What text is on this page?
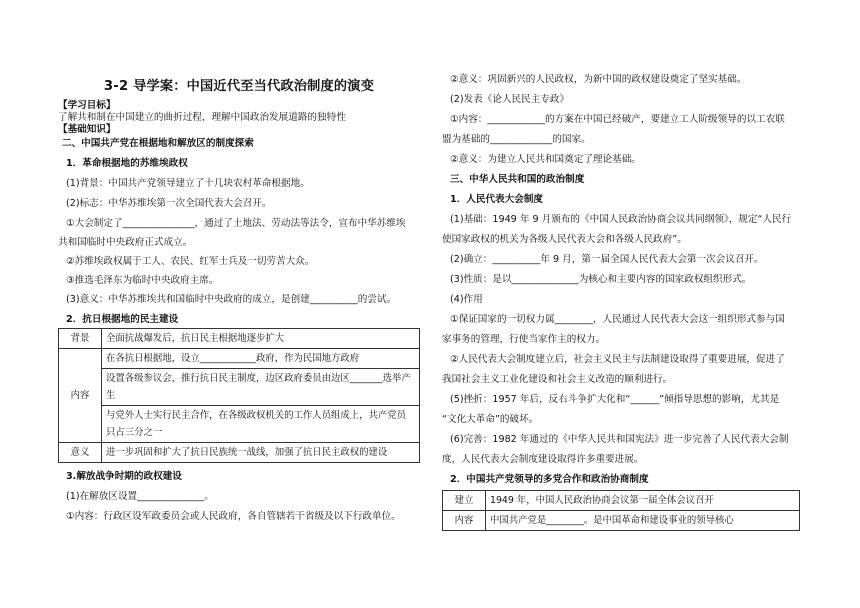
3-2 导学案：中国近代至当代政治制度的演变
【学习目标】
了解共和制在中国建立的曲折过程，理解中国政治发展道路的独特性
【基础知识】
二、中国共产党在根据地和解放区的制度探索
1．革命根据地的苏维埃政权
(1)背景：中国共产党领导建立了十几块农村革命根据地。
(2)标志：中华苏维埃第一次全国代表大会召开。
①大会制定了_______________，通过了土地法、劳动法等法令，宣布中华苏维埃
共和国临时中央政府正式成立。
②苏维埃政权属于工人、农民、红军士兵及一切劳苦大众。
③推选毛泽东为临时中央政府主席。
(3)意义：中华苏维埃共和国临时中央政府的成立，是创建__________的尝试。
2．抗日根据地的民主建设
背景	全面抗战爆发后，抗日民主根据地逐步扩大
内容	在各抗日根据地，设立____________政府，作为民国地方政府
	设置各级参议会，推行抗日民主制度，边区政府委员由边区_______选举产生
	与党外人士实行民主合作，在各级政权机关的工作人员组成上，共产党员只占三分之一
意义	进一步巩固和扩大了抗日民族统一战线，加强了抗日民主政权的建设
3.解放战争时期的政权建设
(1)在解放区设置______________。
①内容：行政区设军政委员会或人民政府，各自管辖若干省级及以下行政单位。
②意义：巩固新兴的人民政权，为新中国的政权建设奠定了坚实基础。
(2)发表《论人民民主专政》
①内容：____________的方案在中国已经破产，要建立工人阶级领导的以工农联
盟为基础的_____________的国家。
②意义：为建立人民共和国奠定了理论基础。
三、中华人民共和国的政治制度
1．人民代表大会制度
(1)基础：1949 年 9 月颁布的《中国人民政治协商会议共同纲领》，规定“人民行
使国家政权的机关为各级人民代表大会和各级人民政府”。
(2)确立：__________年 9 月，第一届全国人民代表大会第一次会议召开。
(3)性质：是以______________为核心和主要内容的国家政权组织形式。
(4)作用
①保证国家的一切权力属________，人民通过人民代表大会这一组织形式参与国
家事务的管理，行使当家作主的权力。
②人民代表大会制度建立后，社会主义民主与法制建设取得了重要进展，促进了
我国社会主义工业化建设和社会主义改造的顺利进行。
(5)挫折：1957 年后，反右斗争扩大化和“______”倾指导思想的影响，尤其是
“文化大革命”的破坏。
(6)完善：1982 年通过的《中华人民共和国宪法》进一步完善了人民代表大会制
度，人民代表大会制度建设取得许多重要进展。
2．中国共产党领导的多党合作和政治协商制度
建立	1949 年，中国人民政治协商会议第一届全体会议召开
内容	中国共产党是________。是中国革命和建设事业的领导核心
